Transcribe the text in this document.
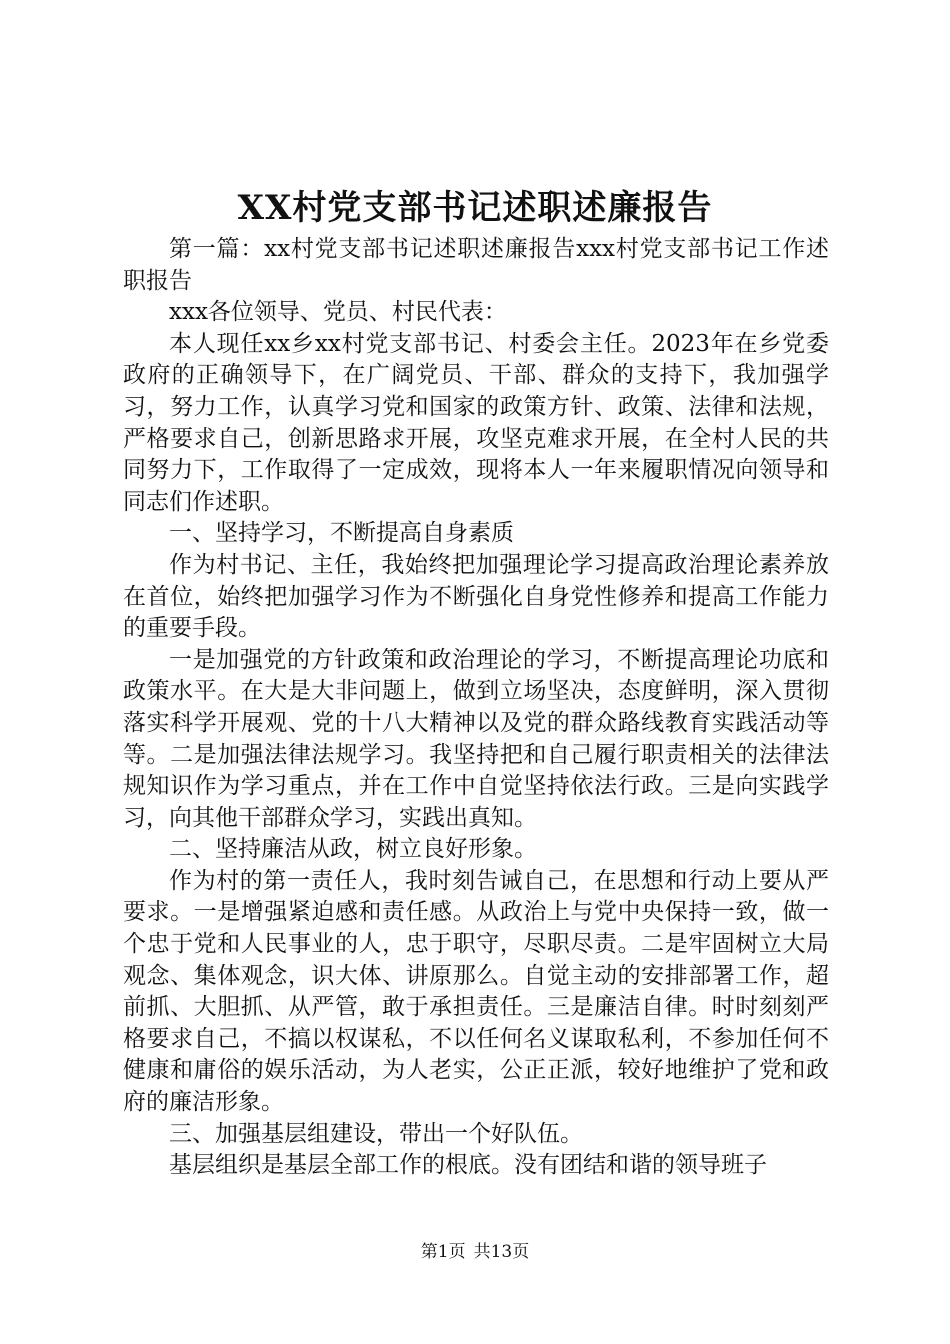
XX村党支部书记述职述廉报告

第一篇：xx村党支部书记述职述廉报告xxx村党支部书记工作述职报告

xxx各位领导、党员、村民代表：

本人现任xx乡xx村党支部书记、村委会主任。2023年在乡党委政府的正确领导下，在广阔党员、干部、群众的支持下，我加强学习，努力工作，认真学习党和国家的政策方针、政策、法律和法规，严格要求自己，创新思路求开展，攻坚克难求开展，在全村人民的共同努力下，工作取得了一定成效，现将本人一年来履职情况向领导和同志们作述职。

一、坚持学习，不断提高自身素质

作为村书记、主任，我始终把加强理论学习提高政治理论素养放在首位，始终把加强学习作为不断强化自身党性修养和提高工作能力的重要手段。

一是加强党的方针政策和政治理论的学习，不断提高理论功底和政策水平。在大是大非问题上，做到立场坚决，态度鲜明，深入贯彻落实科学开展观、党的十八大精神以及党的群众路线教育实践活动等等。二是加强法律法规学习。我坚持把和自己履行职责相关的法律法规知识作为学习重点，并在工作中自觉坚持依法行政。三是向实践学习，向其他干部群众学习，实践出真知。

二、坚持廉洁从政，树立良好形象。

作为村的第一责任人，我时刻告诫自己，在思想和行动上要从严要求。一是增强紧迫感和责任感。从政治上与党中央保持一致，做一个忠于党和人民事业的人，忠于职守，尽职尽责。二是牢固树立大局观念、集体观念，识大体、讲原那么。自觉主动的安排部署工作，超前抓、大胆抓、从严管，敢于承担责任。三是廉洁自律。时时刻刻严格要求自己，不搞以权谋私，不以任何名义谋取私利，不参加任何不健康和庸俗的娱乐活动，为人老实，公正正派，较好地维护了党和政府的廉洁形象。

三、加强基层组建设，带出一个好队伍。

基层组织是基层全部工作的根底。没有团结和谐的领导班子

第1页 共13页
